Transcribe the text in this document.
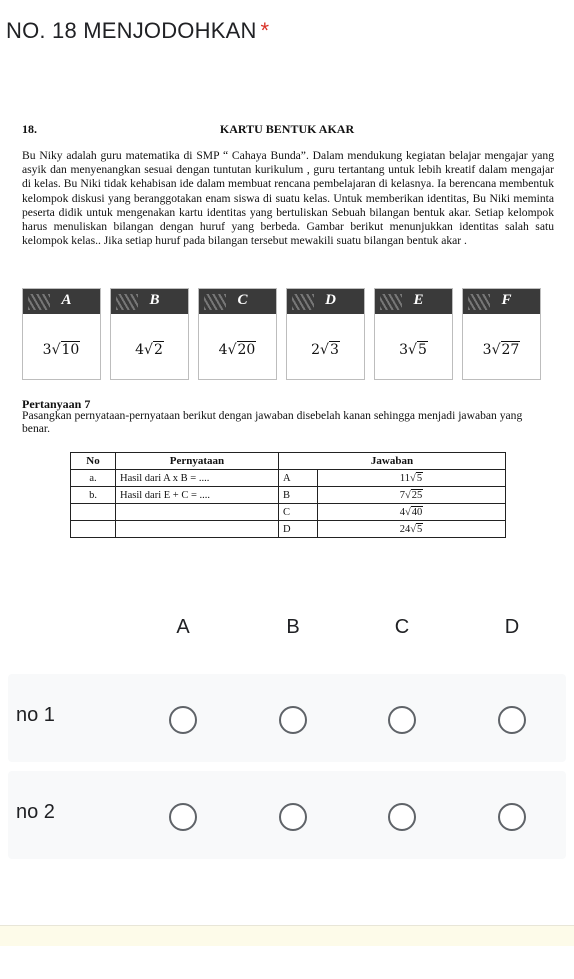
NO. 18 MENJODOHKAN *
18.	KARTU BENTUK AKAR
Bu Niky adalah guru matematika di SMP “ Cahaya Bunda”. Dalam mendukung kegiatan belajar mengajar yang asyik dan menyenangkan sesuai dengan tuntutan kurikulum , guru tertantang untuk lebih kreatif dalam mengajar di kelas. Bu Niki tidak kehabisan ide dalam membuat rencana pembelajaran di kelasnya. Ia berencana membentuk kelompok diskusi yang beranggotakan enam siswa di suatu kelas. Untuk memberikan identitas, Bu Niki meminta peserta didik untuk mengenakan kartu identitas yang bertuliskan Sebuah bilangan bentuk akar. Setiap kelompok harus menuliskan bilangan dengan huruf yang berbeda. Gambar berikut menunjukkan identitas salah satu kelompok kelas.. Jika setiap huruf pada bilangan tersebut mewakili suatu bilangan bentuk akar .
A
3√10
B
4√2
C
4√20
D
2√3
E
3√5
F
3√27
Pertanyaan 7
Pasangkan pernyataan-pernyataan berikut dengan jawaban disebelah kanan sehingga menjadi jawaban yang benar.
No	Pernyataan	Jawaban	
a.	Hasil dari A x B = ....	A	11√5
b.	Hasil dari E + C = ....	B	7√25
		C	4√40
		D	24√5
A	B	C	D
no 1
no 2
